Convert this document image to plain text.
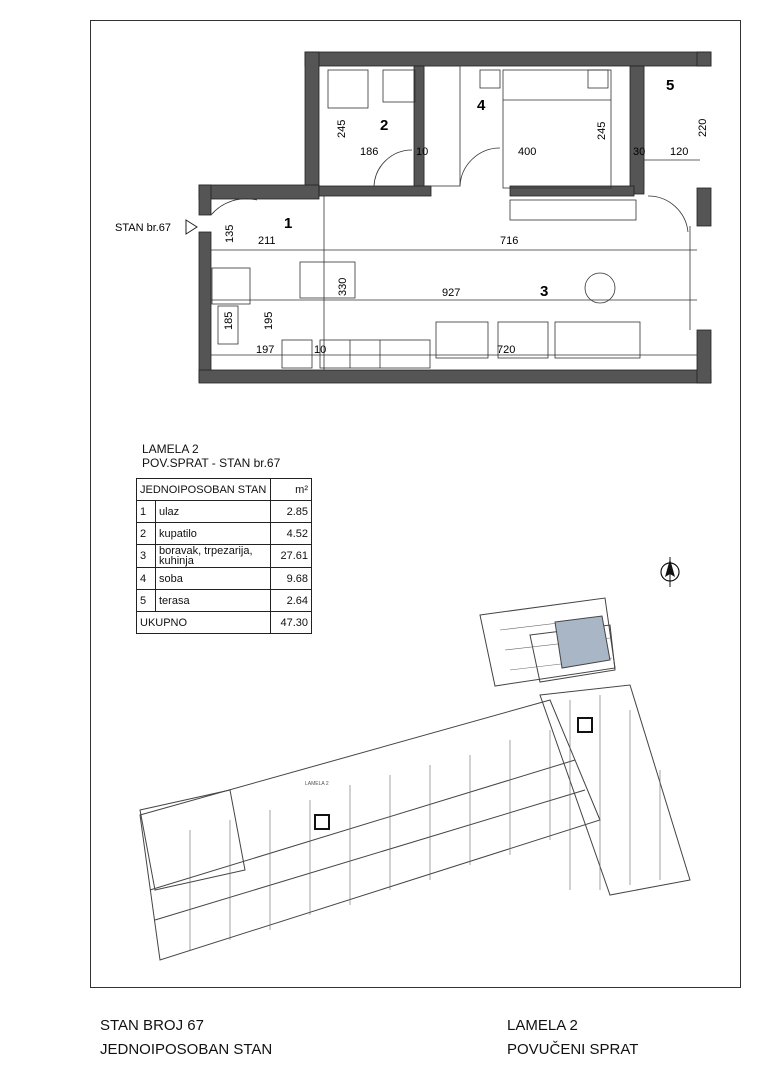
STAN br.67	1
2
3
4
5
135 211	716
245
186	10	400
245
30 120
220
330	927
185	195
197	10	720
LAMELA 2
POV.SPRAT - STAN br.67
JEDNOIPOSOBAN STAN		m²
1	ulaz	2.85
2	kupatilo	4.52
3	boravak, trpezarija, kuhinja	27.61
4	soba	9.68
5	terasa	2.64
UKUPNO		47.30
LAMELA 2
STAN BROJ 67
JEDNOIPOSOBAN STAN
LAMELA 2
POVUČENI SPRAT
